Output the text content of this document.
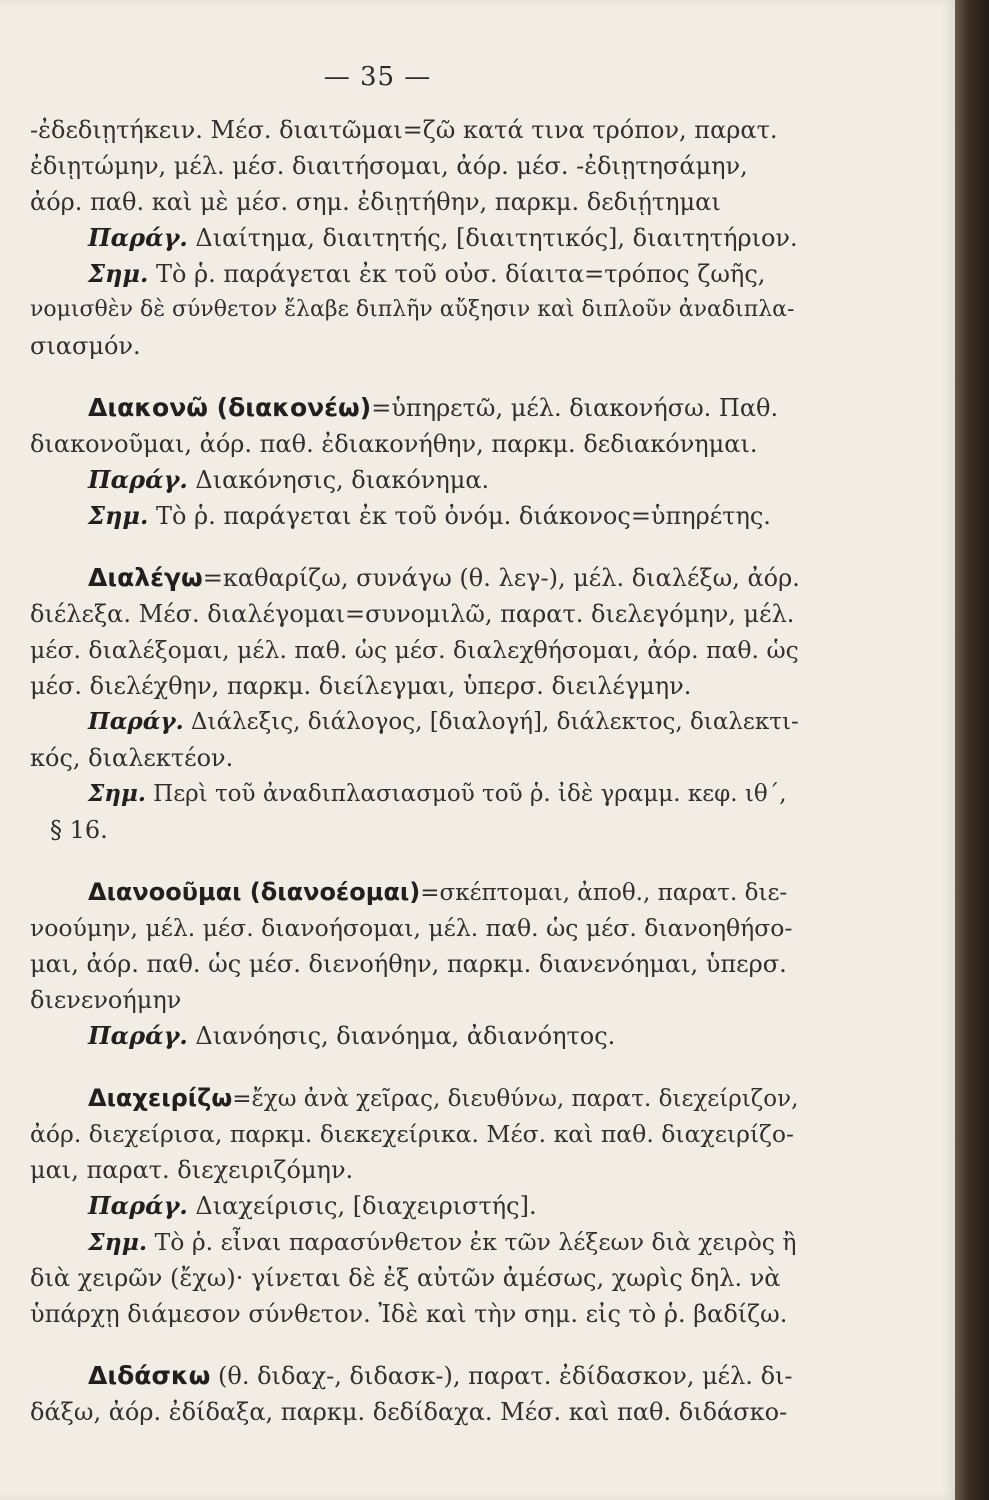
— 35 —
-ἐδεδιῃτήκειν. Μέσ. διαιτῶμαι=ζῶ κατά τινα τρόπον, παρατ.
ἐδιῃτώμην, μέλ. μέσ. διαιτήσομαι, ἀόρ. μέσ. -ἐδιῃτησάμην,
ἀόρ. παθ. καὶ μὲ μέσ. σημ. ἐδιῃτήθην, παρκμ. δεδιῄτημαι
Παράγ. Διαίτημα, διαιτητής, [διαιτητικός], διαιτητήριον.
Σημ. Τὸ ῥ. παράγεται ἐκ τοῦ οὐσ. δίαιτα=τρόπος ζωῆς,
νομισθὲν δὲ σύνθετον ἔλαβε διπλῆν αὔξησιν καὶ διπλοῦν ἀναδιπλα-
σιασμόν.
Διακονῶ (διακονέω)=ὑπηρετῶ, μέλ. διακονήσω. Παθ.
διακονοῦμαι, ἀόρ. παθ. ἐδιακονήθην, παρκμ. δεδιακόνημαι.
Παράγ. Διακόνησις, διακόνημα.
Σημ. Τὸ ῥ. παράγεται ἐκ τοῦ ὀνόμ. διάκονος=ὑπηρέτης.
Διαλέγω=καθαρίζω, συνάγω (θ. λεγ-), μέλ. διαλέξω, ἀόρ.
διέλεξα. Μέσ. διαλέγομαι=συνομιλῶ, παρατ. διελεγόμην, μέλ.
μέσ. διαλέξομαι, μέλ. παθ. ὡς μέσ. διαλεχθήσομαι, ἀόρ. παθ. ὡς
μέσ. διελέχθην, παρκμ. διείλεγμαι, ὑπερσ. διειλέγμην.
Παράγ. Διάλεξις, διάλογος, [διαλογή], διάλεκτος, διαλεκτι-
κός, διαλεκτέον.
Σημ. Περὶ τοῦ ἀναδιπλασιασμοῦ τοῦ ῥ. ἰδὲ γραμμ. κεφ. ιθ΄,
§ 16.
Διανοοῦμαι (διανοέομαι)=σκέπτομαι, ἀποθ., παρατ. διε-
νοούμην, μέλ. μέσ. διανοήσομαι, μέλ. παθ. ὡς μέσ. διανοηθήσο-
μαι, ἀόρ. παθ. ὡς μέσ. διενοήθην, παρκμ. διανενόημαι, ὑπερσ.
διενενοήμην
Παράγ. Διανόησις, διανόημα, ἀδιανόητος.
Διαχειρίζω=ἔχω ἀνὰ χεῖρας, διευθύνω, παρατ. διεχείριζον,
ἀόρ. διεχείρισα, παρκμ. διεκεχείρικα. Μέσ. καὶ παθ. διαχειρίζο-
μαι, παρατ. διεχειριζόμην.
Παράγ. Διαχείρισις, [διαχειριστής].
Σημ. Τὸ ῥ. εἶναι παρασύνθετον ἐκ τῶν λέξεων διὰ χειρὸς ἢ
διὰ χειρῶν (ἔχω)· γίνεται δὲ ἐξ αὐτῶν ἀμέσως, χωρὶς δηλ. νὰ
ὑπάρχῃ διάμεσον σύνθετον. Ἰδὲ καὶ τὴν σημ. εἰς τὸ ῥ. βαδίζω.
Διδάσκω (θ. διδαχ-, διδασκ-), παρατ. ἐδίδασκον, μέλ. δι-
δάξω, ἀόρ. ἐδίδαξα, παρκμ. δεδίδαχα. Μέσ. καὶ παθ. διδάσκο-
